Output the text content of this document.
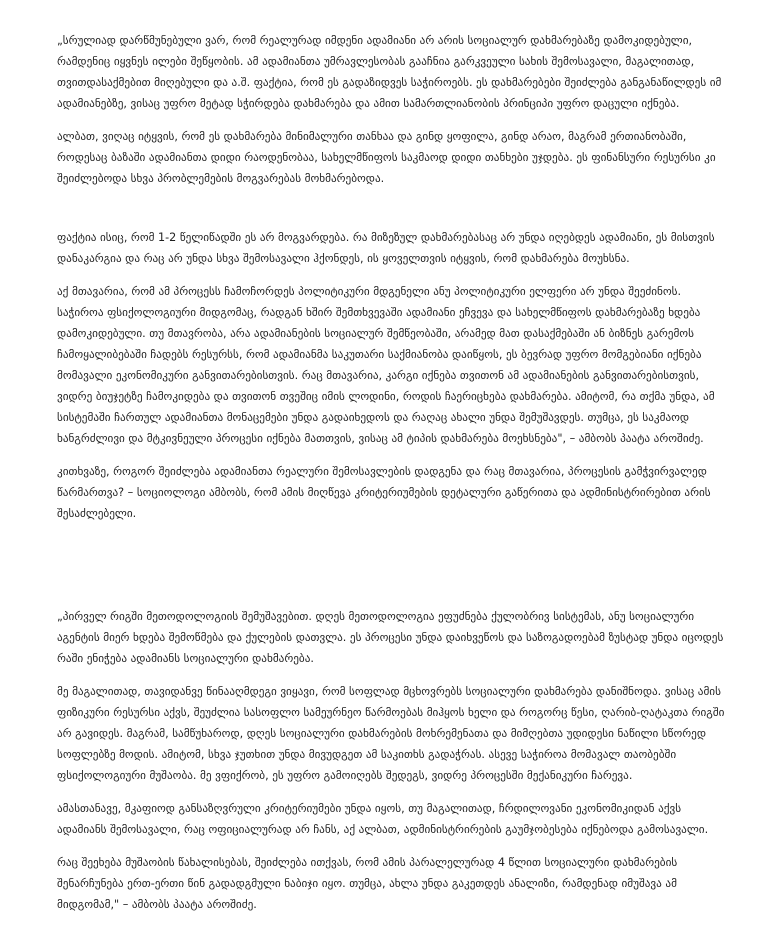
„სრულიად დარწმუნებული ვარ, რომ რეალურად იმდენი ადამიანი არ არის სოციალურ დახმარებაზე დამოკიდებული, რამდენიც იყვნეს ილები შეწყობის. ამ ადამიანთა უმრავლესობას გააჩნია გარკვეული სახის შემოსავალი, მაგალითად, თვითდასაქმებით მიღებული და ა.შ. ფაქტია, რომ ეს გადაზიდვეს საჭიროებს. ეს დახმარებები შეიძლება განგანაწილდეს იმ ადამიანებზე, ვისაც უფრო მეტად სჭირდება დახმარება და ამით სამართლიანობის პრინციპი უფრო დაცული იქნება.

ალბათ, ვიღაც იტყვის, რომ ეს დახმარება მინიმალური თანხაა და გინდ ყოფილა, გინდ არაო, მაგრამ ერთიანობაში, როდესაც ბაზაში ადამიანთა დიდი რაოდენობაა, სახელმწიფოს საკმაოდ დიდი თანხები უჯდება. ეს ფინანსური რესურსი კი შეიძლებოდა სხვა პრობლემების მოგვარებას მოხმარებოდა.

ფაქტია ისიც, რომ 1-2 წელიწადში ეს არ მოგვარდება. რა მიზეზულ დახმარებასაც არ უნდა იღებდეს ადამიანი, ეს მისთვის დანაკარგია და რაც არ უნდა სხვა შემოსავალი ჰქონდეს, ის ყოველთვის იტყვის, რომ დახმარება მოუხსნა.

აქ მთავარია, რომ ამ პროცესს ჩამოჩორდეს პოლიტიკური მდგენელი ანუ პოლიტიკური ელფერი არ უნდა შეეძინოს. საჭიროა ფსიქოლოგიური მიდგომაც, რადგან ხშირ შემთხვევაში ადამიანი ეჩვევა და სახელმწიფოს დახმარებაზე ხდება დამოკიდებული. თუ მთავრობა, არა ადამიანების სოციალურ შემწეობაში, არამედ მათ დასაქმებაში ან ბიზნეს გარემოს ჩამოყალიბებაში ჩადებს რესურსს, რომ ადამიანმა საკუთარი საქმიანობა დაიწყოს, ეს ბევრად უფრო მომგებიანი იქნება მომავალი ეკონომიკური განვითარებისთვის. რაც მთავარია, კარგი იქნება თვითონ ამ ადამიანების განვითარებისთვის, ვიდრე ბიუჯეტზე ჩამოკიდება და თვითონ თვეშიც იმის ლოდინი, როდის ჩაერიცხება დახმარება. ამიტომ, რა თქმა უნდა, ამ სისტემაში ჩართულ ადამიანთა მონაცემები უნდა გადაიხედოს და რაღაც ახალი უნდა შემუშავდეს. თუმცა, ეს საკმაოდ ხანგრძლივი და მტკივნეული პროცესი იქნება მათთვის, ვისაც ამ ტიპის დახმარება მოეხსნება", – ამბობს პაატა აროშიძე.

კითხვაზე, როგორ შეიძლება ადამიანთა რეალური შემოსავლების დადგენა და რაც მთავარია, პროცესის გამჭვირვალედ წარმართვა? – სოციოლოგი ამბობს, რომ ამის მიღწევა კრიტერიუმების დეტალური გაწერითა და ადმინისტრირებით არის შესაძლებელი.

„პირველ რიგში მეთოდოლოგიის შემუშავებით. დღეს მეთოდოლოგია ეფუძნება ქულობრივ სისტემას, ანუ სოციალური აგენტის მიერ ხდება შემოწმება და ქულების დათვლა. ეს პროცესი უნდა დაიხვეწოს და საზოგადოებამ ზუსტად უნდა იცოდეს რაში ენიჭება ადამიანს სოციალური დახმარება.

მე მაგალითად, თავიდანვე წინააღმდეგი ვიყავი, რომ სოფლად მცხოვრებს სოციალური დახმარება დანიშნოდა. ვისაც ამის ფიზიკური რესურსი აქვს, შეუძლია სასოფლო სამეურნეო წარმოებას მიჰყოს ხელი და როგორც წესი, ღარიბ-ღატაკთა რიგში არ გავიდეს. მაგრამ, სამწუხაროდ, დღეს სოციალური დახმარების მოხრემენათა და მიმღებთა უდიდესი ნაწილი სწორედ სოფლებზე მოდის. ამიტომ, სხვა ჯუთხით უნდა მივუდგეთ ამ საკითხს გადაჭრას. ასევე საჭიროა მომავალ თაობებში ფსიქოლოგიური მუშაობა. მე ვფიქრობ, ეს უფრო გამოიღებს შედეგს, ვიდრე პროცესში მექანიკური ჩარევა.

ამასთანავე, მკაფიოდ განსაზღვრული კრიტერიუმები უნდა იყოს, თუ მაგალითად, ჩრდილოვანი ეკონომიკიდან აქვს ადამიანს შემოსავალი, რაც ოფიციალურად არ ჩანს, აქ ალბათ, ადმინისტრირების გაუმჯობესება იქნებოდა გამოსავალი.

რაც შეეხება მუშაობის წახალისებას, შეიძლება ითქვას, რომ ამის პარალელურად 4 წლით სოციალური დახმარების შენარჩუნება ერთ-ერთი წინ გადადგმული ნაბიჯი იყო. თუმცა, ახლა უნდა გაკეთდეს ანალიზი, რამდენად იმუშავა ამ მიდგომამ," – ამბობს პაატა აროშიძე.
